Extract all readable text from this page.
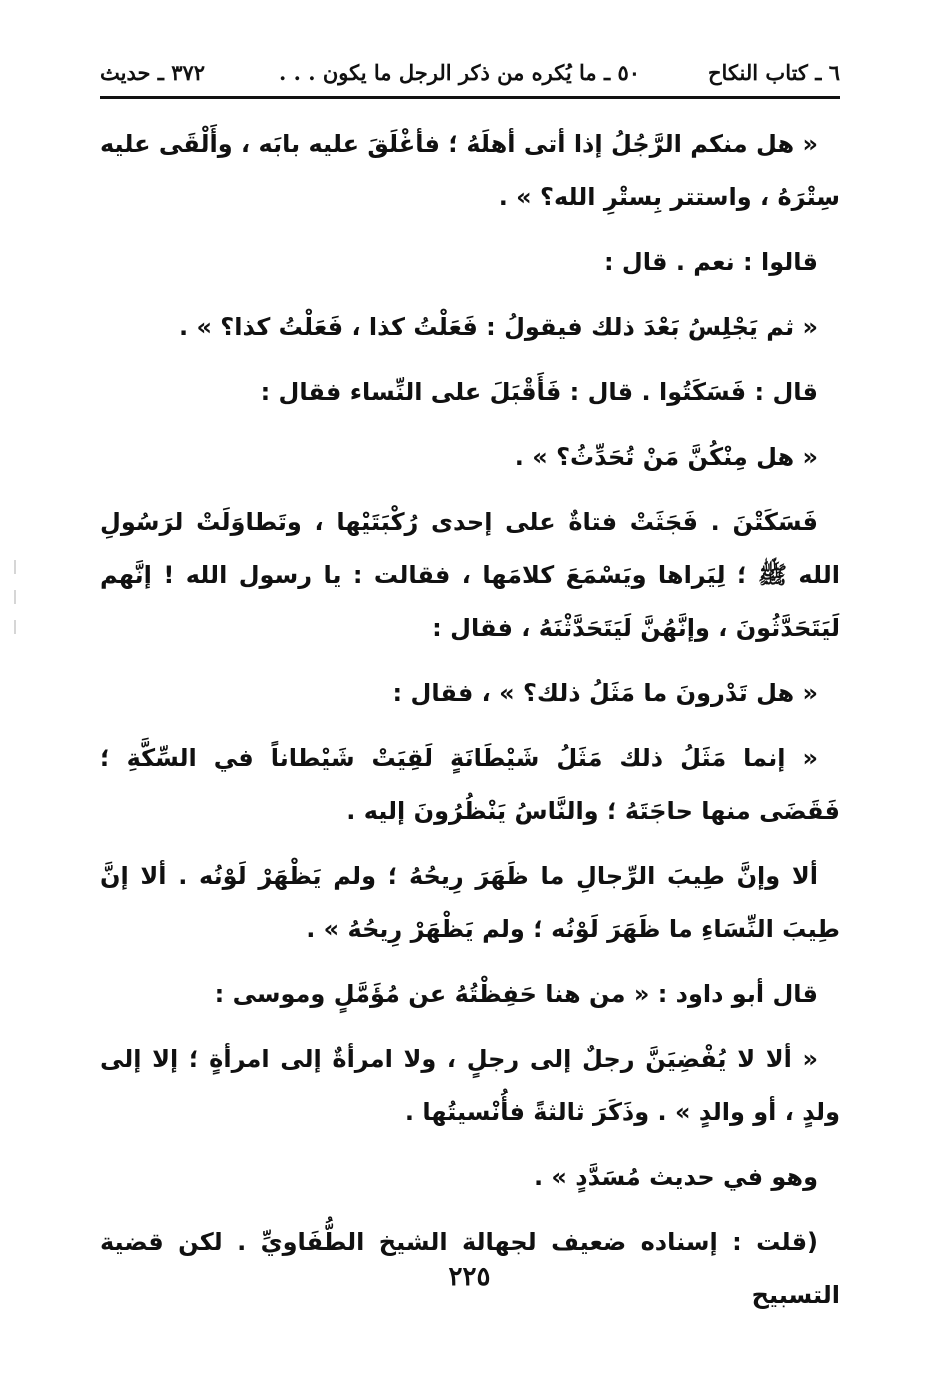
٦ ـ كتاب النكاح
٥٠ ـ ما يُكره من ذكر الرجل ما يكون . . .
٣٧٢ ـ حديث

« هل منكم الرَّجُلُ إذا أتى أهلَهُ ؛ فأغْلَقَ عليه بابَه ، وأَلْقَى عليه سِتْرَهُ ، واستتر بِستْرِ الله؟ » .

قالوا : نعم . قال :

« ثم يَجْلِسُ بَعْدَ ذلك فيقولُ : فَعَلْتُ كذا ، فَعَلْتُ كذا؟ » .

قال : فَسَكَتُوا . قال : فَأَقْبَلَ على النِّساء فقال :

« هل مِنْكُنَّ مَنْ تُحَدِّثُ؟ » .

فَسَكَتْنَ . فَجَثَتْ فتاةٌ على إحدى رُكْبَتَيْها ، وتَطاوَلَتْ لرَسُولِ الله ﷺ ؛ لِيَراها ويَسْمَعَ كلامَها ، فقالت : يا رسول الله ! إنَّهم لَيَتَحَدَّثُونَ ، وإنَّهُنَّ لَيَتَحَدَّثْنَهُ ، فقال :

« هل تَدْرونَ ما مَثَلُ ذلك؟ » ، فقال :

« إنما مَثَلُ ذلك مَثَلُ شَيْطَانَةٍ لَقِيَتْ شَيْطاناً في السِّكَّةِ ؛ فَقَضَى منها حاجَتَهُ ؛ والنَّاسُ يَنْظُرُونَ إليه .

ألا وإنَّ طِيبَ الرِّجالِ ما ظَهَرَ رِيحُهُ ؛ ولم يَظْهَرْ لَوْنُه . ألا إنَّ طِيبَ النِّسَاءِ ما ظَهَرَ لَوْنُه ؛ ولم يَظْهَرْ رِيحُهُ » .

قال أبو داود : « من هنا حَفِظْتُهُ عن مُؤَمَّلٍ وموسى :

« ألا لا يُفْضِيَنَّ رجلٌ إلى رجلٍ ، ولا امرأةٌ إلى امرأةٍ ؛ إلا إلى ولدٍ ، أو والدٍ » . وذَكَرَ ثالثةً فأُنْسيتُها .

وهو في حديث مُسَدَّدٍ » .

(قلت : إسناده ضعيف لجهالة الشيخ الطُّفَاويِّ . لكن قضية التسبيح

٢٢٥
